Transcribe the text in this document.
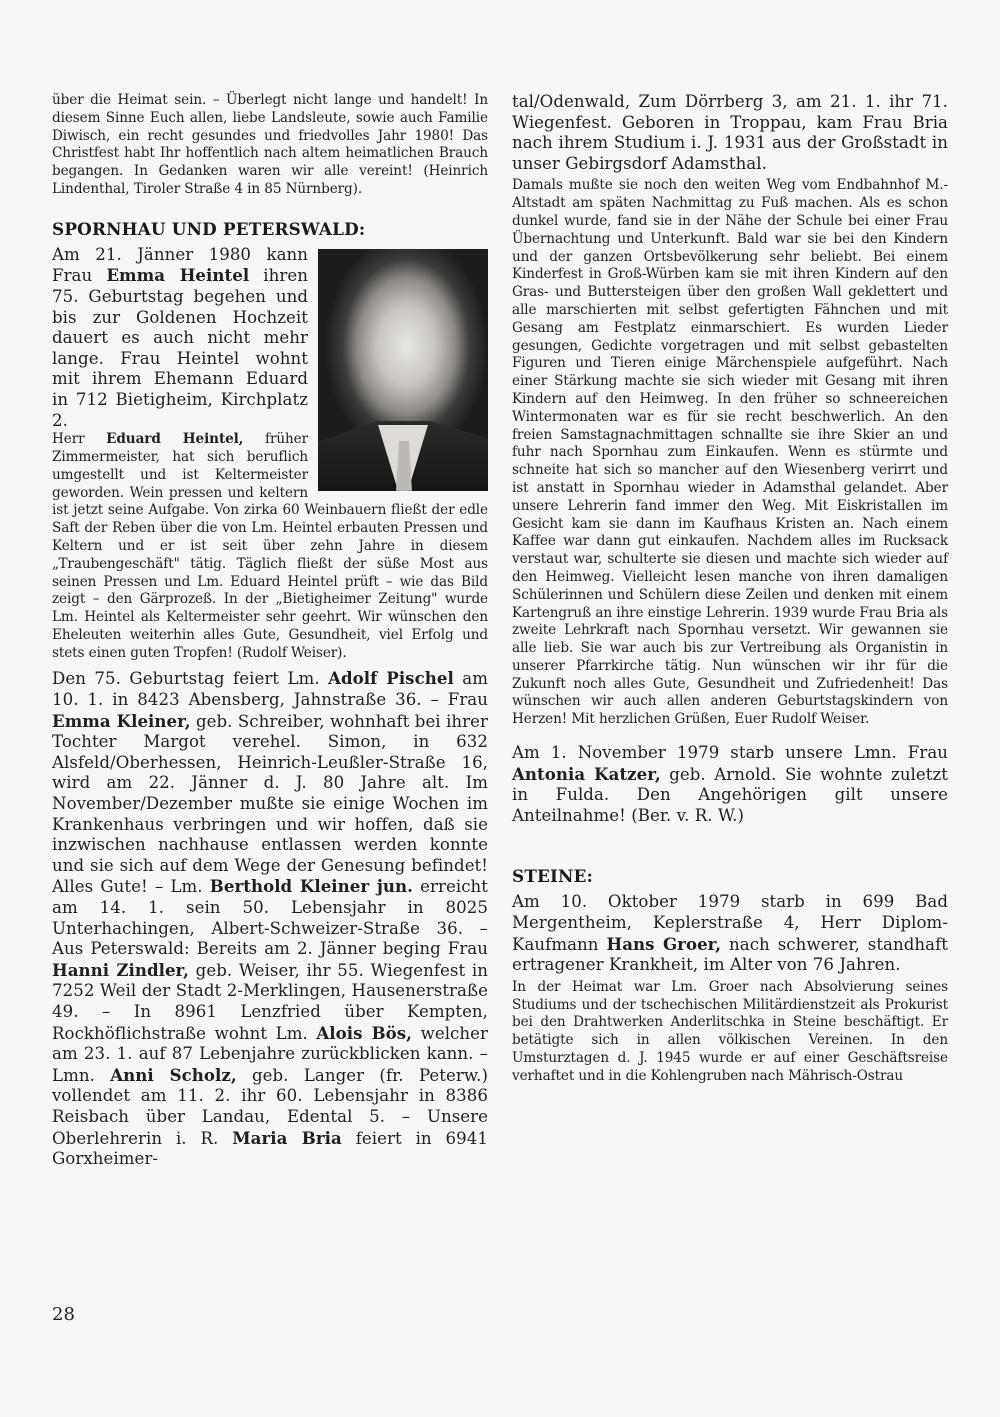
über die Heimat sein. – Überlegt nicht lange und handelt! In diesem Sinne Euch allen, liebe Landsleute, sowie auch Familie Diwisch, ein recht gesundes und friedvolles Jahr 1980! Das Christfest habt Ihr hoffentlich nach altem heimatlichen Brauch begangen. In Gedanken waren wir alle vereint! (Heinrich Lindenthal, Tiroler Straße 4 in 85 Nürnberg).

SPORNHAU UND PETERSWALD:

Am 21. Jänner 1980 kann Frau Emma Heintel ihren 75. Geburtstag begehen und bis zur Goldenen Hochzeit dauert es auch nicht mehr lange. Frau Heintel wohnt mit ihrem Ehemann Eduard in 712 Bietigheim, Kirchplatz 2.

Herr Eduard Heintel, früher Zimmermeister, hat sich beruflich umgestellt und ist Keltermeister geworden. Wein pressen und keltern ist jetzt seine Aufgabe. Von zirka 60 Weinbauern fließt der edle Saft der Reben über die von Lm. Heintel erbauten Pressen und Keltern und er ist seit über zehn Jahre in diesem „Traubengeschäft" tätig. Täglich fließt der süße Most aus seinen Pressen und Lm. Eduard Heintel prüft – wie das Bild zeigt – den Gärprozeß. In der „Bietigheimer Zeitung" wurde Lm. Heintel als Keltermeister sehr geehrt. Wir wünschen den Eheleuten weiterhin alles Gute, Gesundheit, viel Erfolg und stets einen guten Tropfen! (Rudolf Weiser).

Den 75. Geburtstag feiert Lm. Adolf Pischel am 10. 1. in 8423 Abensberg, Jahnstraße 36. – Frau Emma Kleiner, geb. Schreiber, wohnhaft bei ihrer Tochter Margot verehel. Simon, in 632 Alsfeld/Oberhessen, Heinrich-Leußler-Straße 16, wird am 22. Jänner d. J. 80 Jahre alt. Im November/Dezember mußte sie einige Wochen im Krankenhaus verbringen und wir hoffen, daß sie inzwischen nachhause entlassen werden konnte und sie sich auf dem Wege der Genesung befindet! Alles Gute! – Lm. Berthold Kleiner jun. erreicht am 14. 1. sein 50. Lebensjahr in 8025 Unterhachingen, Albert-Schweizer-Straße 36. – Aus Peterswald: Bereits am 2. Jänner beging Frau Hanni Zindler, geb. Weiser, ihr 55. Wiegenfest in 7252 Weil der Stadt 2-Merklingen, Hausenerstraße 49. – In 8961 Lenzfried über Kempten, Rockhöflichstraße wohnt Lm. Alois Bös, welcher am 23. 1. auf 87 Lebenjahre zurückblicken kann. – Lmn. Anni Scholz, geb. Langer (fr. Peterw.) vollendet am 11. 2. ihr 60. Lebensjahr in 8386 Reisbach über Landau, Edental 5. – Unsere Oberlehrerin i. R. Maria Bria feiert in 6941 Gorxheimer-

tal/Odenwald, Zum Dörrberg 3, am 21. 1. ihr 71. Wiegenfest. Geboren in Troppau, kam Frau Bria nach ihrem Studium i. J. 1931 aus der Großstadt in unser Gebirgsdorf Adamsthal.

Damals mußte sie noch den weiten Weg vom Endbahnhof M.-Altstadt am späten Nachmittag zu Fuß machen. Als es schon dunkel wurde, fand sie in der Nähe der Schule bei einer Frau Übernachtung und Unterkunft. Bald war sie bei den Kindern und der ganzen Ortsbevölkerung sehr beliebt. Bei einem Kinderfest in Groß-Würben kam sie mit ihren Kindern auf den Gras- und Buttersteigen über den großen Wall geklettert und alle marschierten mit selbst gefertigten Fähnchen und mit Gesang am Festplatz einmarschiert. Es wurden Lieder gesungen, Gedichte vorgetragen und mit selbst gebastelten Figuren und Tieren einige Märchenspiele aufgeführt. Nach einer Stärkung machte sie sich wieder mit Gesang mit ihren Kindern auf den Heimweg. In den früher so schneereichen Wintermonaten war es für sie recht beschwerlich. An den freien Samstagnachmittagen schnallte sie ihre Skier an und fuhr nach Spornhau zum Einkaufen. Wenn es stürmte und schneite hat sich so mancher auf den Wiesenberg verirrt und ist anstatt in Spornhau wieder in Adamsthal gelandet. Aber unsere Lehrerin fand immer den Weg. Mit Eiskristallen im Gesicht kam sie dann im Kaufhaus Kristen an. Nach einem Kaffee war dann gut einkaufen. Nachdem alles im Rucksack verstaut war, schulterte sie diesen und machte sich wieder auf den Heimweg. Vielleicht lesen manche von ihren damaligen Schülerinnen und Schülern diese Zeilen und denken mit einem Kartengruß an ihre einstige Lehrerin. 1939 wurde Frau Bria als zweite Lehrkraft nach Spornhau versetzt. Wir gewannen sie alle lieb. Sie war auch bis zur Vertreibung als Organistin in unserer Pfarrkirche tätig. Nun wünschen wir ihr für die Zukunft noch alles Gute, Gesundheit und Zufriedenheit! Das wünschen wir auch allen anderen Geburtstagskindern von Herzen! Mit herzlichen Grüßen, Euer Rudolf Weiser.

Am 1. November 1979 starb unsere Lmn. Frau Antonia Katzer, geb. Arnold. Sie wohnte zuletzt in Fulda. Den Angehörigen gilt unsere Anteilnahme! (Ber. v. R. W.)

STEINE:

Am 10. Oktober 1979 starb in 699 Bad Mergentheim, Keplerstraße 4, Herr Diplom-Kaufmann Hans Groer, nach schwerer, standhaft ertragener Krankheit, im Alter von 76 Jahren.

In der Heimat war Lm. Groer nach Absolvierung seines Studiums und der tschechischen Militärdienstzeit als Prokurist bei den Drahtwerken Anderlitschka in Steine beschäftigt. Er betätigte sich in allen völkischen Vereinen. In den Umsturztagen d. J. 1945 wurde er auf einer Geschäftsreise verhaftet und in die Kohlengruben nach Mährisch-Ostrau

28
